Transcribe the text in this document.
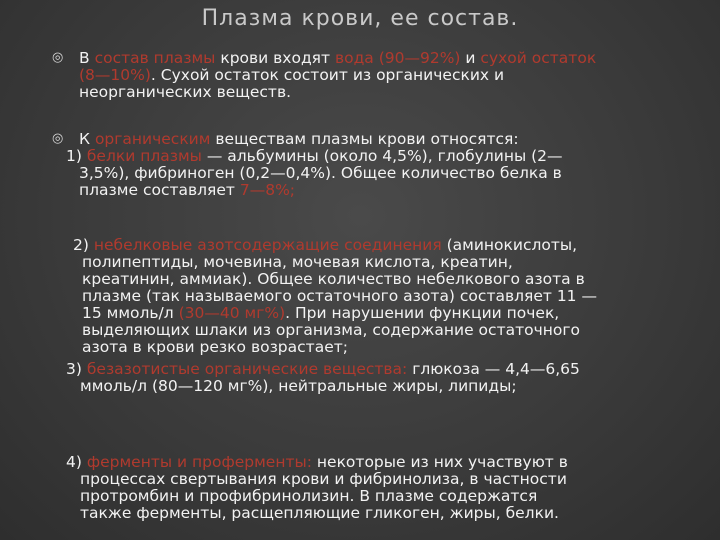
Плазма крови, ее состав.
◎	В состав плазмы крови входят вода (90—92%) и сухой остаток
(8—10%). Сухой остаток состоит из органических и
неорганических веществ.
◎	К органическим веществам плазмы крови относятся:
1) белки плазмы — альбумины (около 4,5%), глобулины (2—
3,5%), фибриноген (0,2—0,4%). Общее количество белка в
плазме составляет 7—8%;
2) небелковые азотсодержащие соединения (аминокислоты,
полипептиды, мочевина, мочевая кислота, креатин,
креатинин, аммиак). Общее количество небелкового азота в
плазме (так называемого остаточного азота) составляет 11 —
15 ммоль/л (30—40 мг%). При нарушении функции почек,
выделяющих шлаки из организма, содержание остаточного
азота в крови резко возрастает;
3) безазотистые органические вещества: глюкоза — 4,4—6,65
ммоль/л (80—120 мг%), нейтральные жиры, липиды;
4) ферменты и проферменты: некоторые из них участвуют в
процессах свертывания крови и фибринолиза, в частности
протромбин и профибринолизин. В плазме содержатся
также ферменты, расщепляющие гликоген, жиры, белки.
